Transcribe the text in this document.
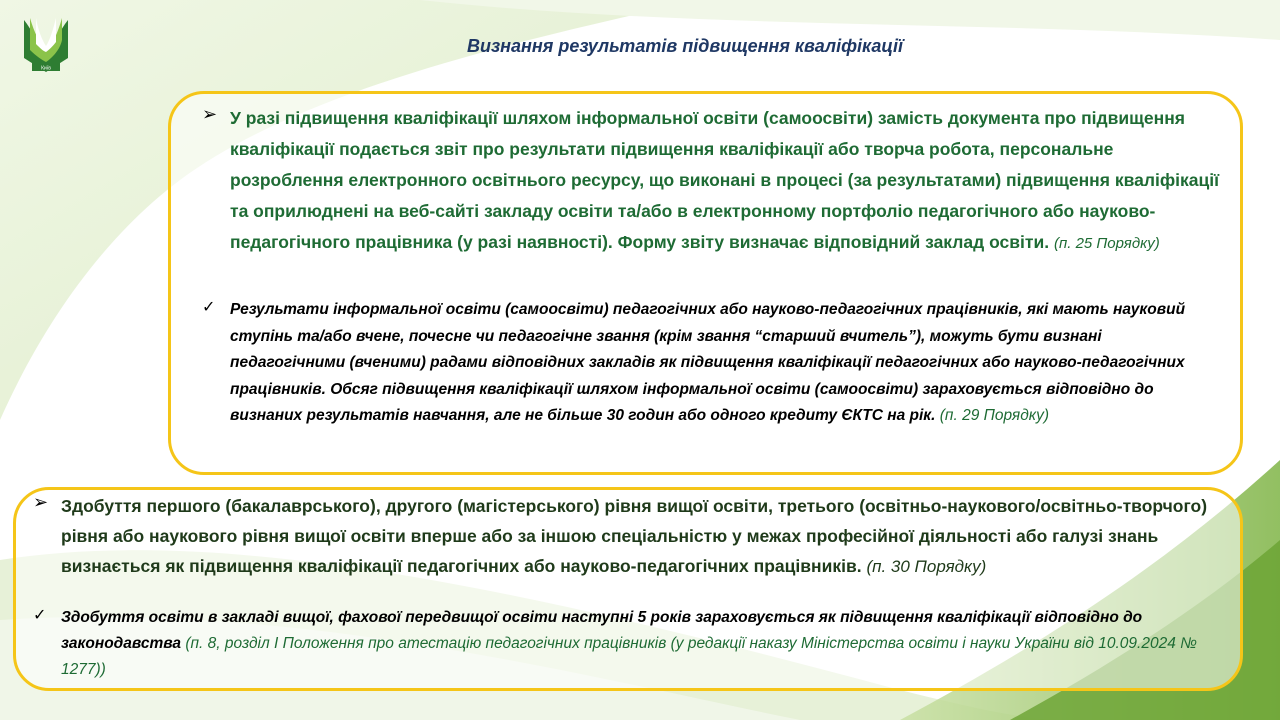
Київ
Визнання результатів підвищення кваліфікації
➢ У разі підвищення кваліфікації шляхом інформальної освіти (самоосвіти) замість документа про підвищення кваліфікації подається звіт про результати підвищення кваліфікації або творча робота, персональне розроблення електронного освітнього ресурсу, що виконані в процесі (за результатами) підвищення кваліфікації та оприлюднені на веб-сайті закладу освіти та/або в електронному портфоліо педагогічного або науково-педагогічного працівника (у разі наявності). Форму звіту визначає відповідний заклад освіти. (п. 25 Порядку)
✓ Результати інформальної освіти (самоосвіти) педагогічних або науково-педагогічних працівників, які мають науковий ступінь та/або вчене, почесне чи педагогічне звання (крім звання “старший вчитель”), можуть бути визнані педагогічними (вченими) радами відповідних закладів як підвищення кваліфікації педагогічних або науково-педагогічних працівників. Обсяг підвищення кваліфікації шляхом інформальної освіти (самоосвіти) зараховується відповідно до визнаних результатів навчання, але не більше 30 годин або одного кредиту ЄКТС на рік. (п. 29 Порядку)
➢ Здобуття першого (бакалаврського), другого (магістерського) рівня вищої освіти, третього (освітньо-наукового/освітньо-творчого) рівня або наукового рівня вищої освіти вперше або за іншою спеціальністю у межах професійної діяльності або галузі знань визнається як підвищення кваліфікації педагогічних або науково-педагогічних працівників. (п. 30 Порядку)
✓ Здобуття освіти в закладі вищої, фахової передвищої освіти наступні 5 років зараховується як підвищення кваліфікації відповідно до законодавства (п. 8, розділ І Положення про атестацію педагогічних працівників (у редакції наказу Міністерства освіти і науки України від 10.09.2024 № 1277))
